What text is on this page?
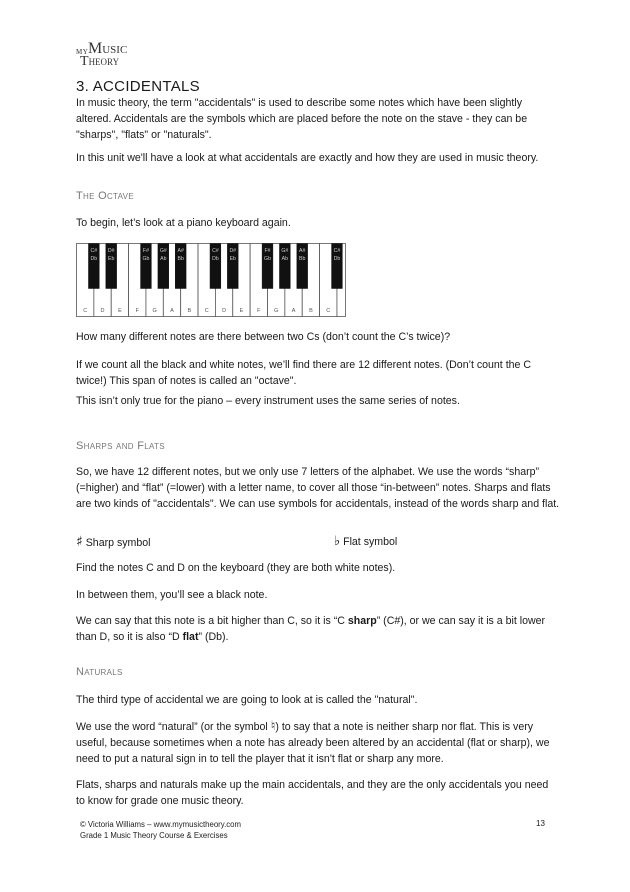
MY MUSIC
THEORY
3. ACCIDENTALS

In music theory, the term "accidentals" is used to describe some notes which have been slightly altered. Accidentals are the symbols which are placed before the note on the stave - they can be "sharps", "flats" or "naturals".

In this unit we'll have a look at what accidentals are exactly and how they are used in music theory.

The Octave

To begin, let’s look at a piano keyboard again.

C D E	F G A B C D E	F G A B C
C#
Db
D#
Eb
F#
Gb
G#
Ab
A#
Bb
C#
Db
D#
Eb
F#
Gb
G#
Ab
A#
Bb
C#
Db

How many different notes are there between two Cs (don’t count the C’s twice)?

If we count all the black and white notes, we’ll find there are 12 different notes. (Don’t count the C twice!) This span of notes is called an "octave".

This isn’t only true for the piano – every instrument uses the same series of notes.

Sharps and Flats

So, we have 12 different notes, but we only use 7 letters of the alphabet. We use the words “sharp” (=higher) and “flat” (=lower) with a letter name, to cover all those “in-between” notes. Sharps and flats are two kinds of "accidentals". We can use symbols for accidentals, instead of the words sharp and flat.

♯ Sharp symbol	♭ Flat symbol

Find the notes C and D on the keyboard (they are both white notes).

In between them, you’ll see a black note.

We can say that this note is a bit higher than C, so it is “C sharp” (C#), or we can say it is a bit lower than D, so it is also “D flat” (Db).

Naturals

The third type of accidental we are going to look at is called the "natural".

We use the word “natural” (or the symbol ♮) to say that a note is neither sharp nor flat. This is very useful, because sometimes when a note has already been altered by an accidental (flat or sharp), we need to put a natural sign in to tell the player that it isn't flat or sharp any more.

Flats, sharps and naturals make up the main accidentals, and they are the only accidentals you need to know for grade one music theory.

© Victoria Williams – www.mymusictheory.com
Grade 1 Music Theory Course & Exercises
13
